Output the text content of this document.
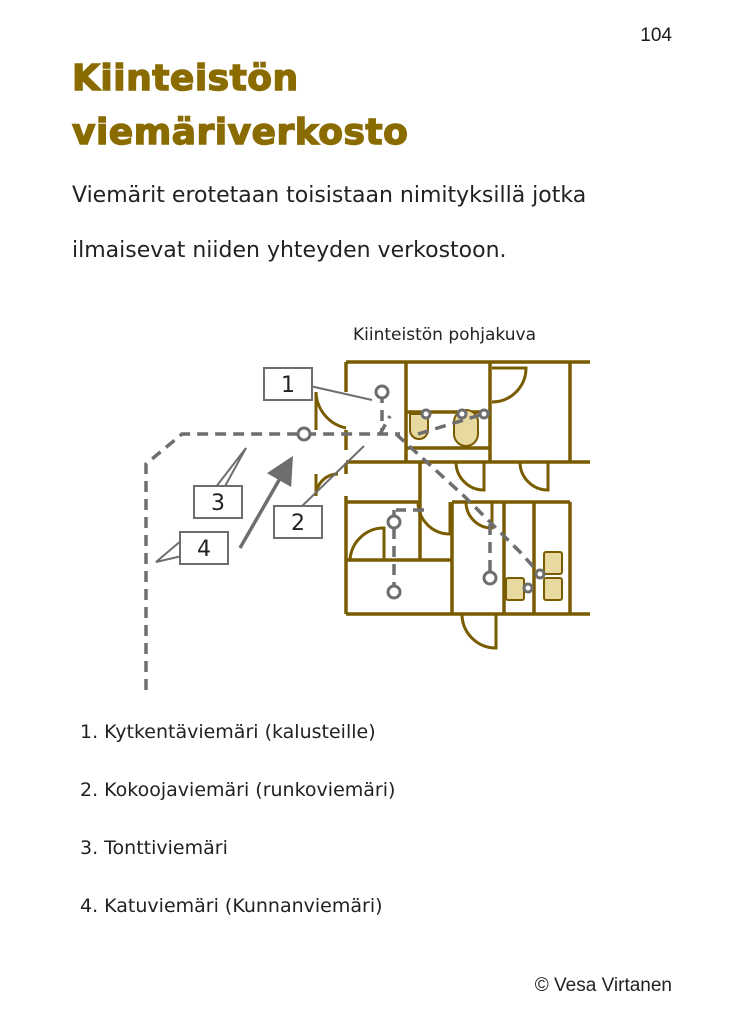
104
Kiinteistön viemäriverkosto

Viemärit erotetaan toisistaan nimityksillä jotka ilmaisevat niiden yhteyden verkostoon.

Kiinteistön pohjakuva
1
2
3
4
1. Kytkentäviemäri (kalusteille)
2. Kokoojaviemäri (runkoviemäri)
3. Tonttiviemäri
4. Katuviemäri (Kunnanviemäri)
© Vesa Virtanen
